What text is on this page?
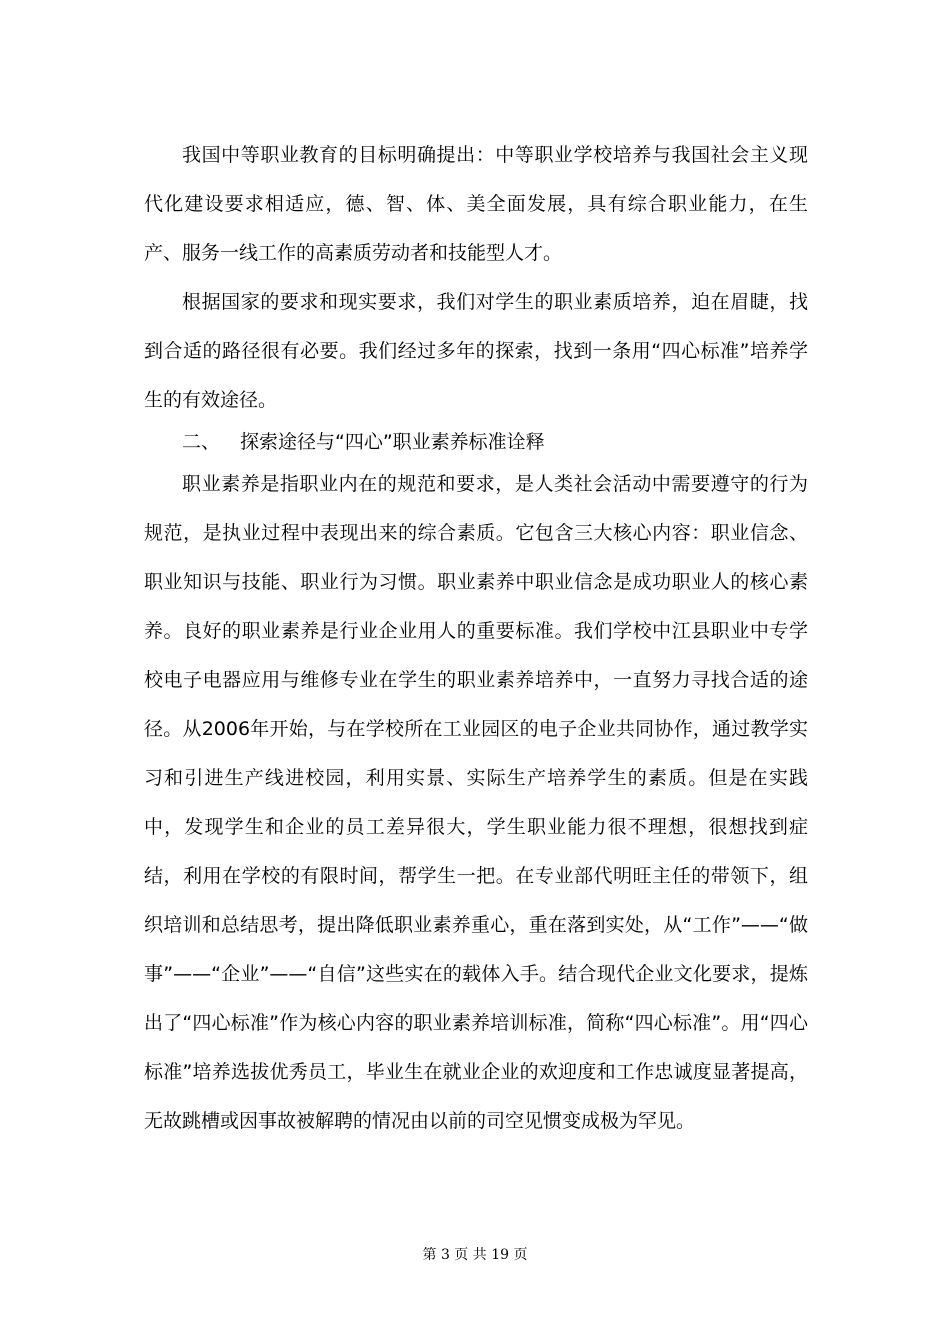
我国中等职业教育的目标明确提出：中等职业学校培养与我国社会主义现代化建设要求相适应，德、智、体、美全面发展，具有综合职业能力，在生产、服务一线工作的高素质劳动者和技能型人才。

根据国家的要求和现实要求，我们对学生的职业素质培养，迫在眉睫，找到合适的路径很有必要。我们经过多年的探索，找到一条用“四心标准”培养学生的有效途径。

二、	探索途径与“四心”职业素养标准诠释

职业素养是指职业内在的规范和要求，是人类社会活动中需要遵守的行为规范，是执业过程中表现出来的综合素质。它包含三大核心内容：职业信念、职业知识与技能、职业行为习惯。职业素养中职业信念是成功职业人的核心素养。良好的职业素养是行业企业用人的重要标准。我们学校中江县职业中专学校电子电器应用与维修专业在学生的职业素养培养中，一直努力寻找合适的途径。从2006年开始，与在学校所在工业园区的电子企业共同协作，通过教学实习和引进生产线进校园，利用实景、实际生产培养学生的素质。但是在实践中，发现学生和企业的员工差异很大，学生职业能力很不理想，很想找到症结，利用在学校的有限时间，帮学生一把。在专业部代明旺主任的带领下，组织培训和总结思考，提出降低职业素养重心，重在落到实处，从“工作”——“做事”——“企业”——“自信”这些实在的载体入手。结合现代企业文化要求，提炼出了“四心标准”作为核心内容的职业素养培训标准，简称“四心标准”。用“四心标准”培养选拔优秀员工，毕业生在就业企业的欢迎度和工作忠诚度显著提高，无故跳槽或因事故被解聘的情况由以前的司空见惯变成极为罕见。

第 3 页 共 19 页
